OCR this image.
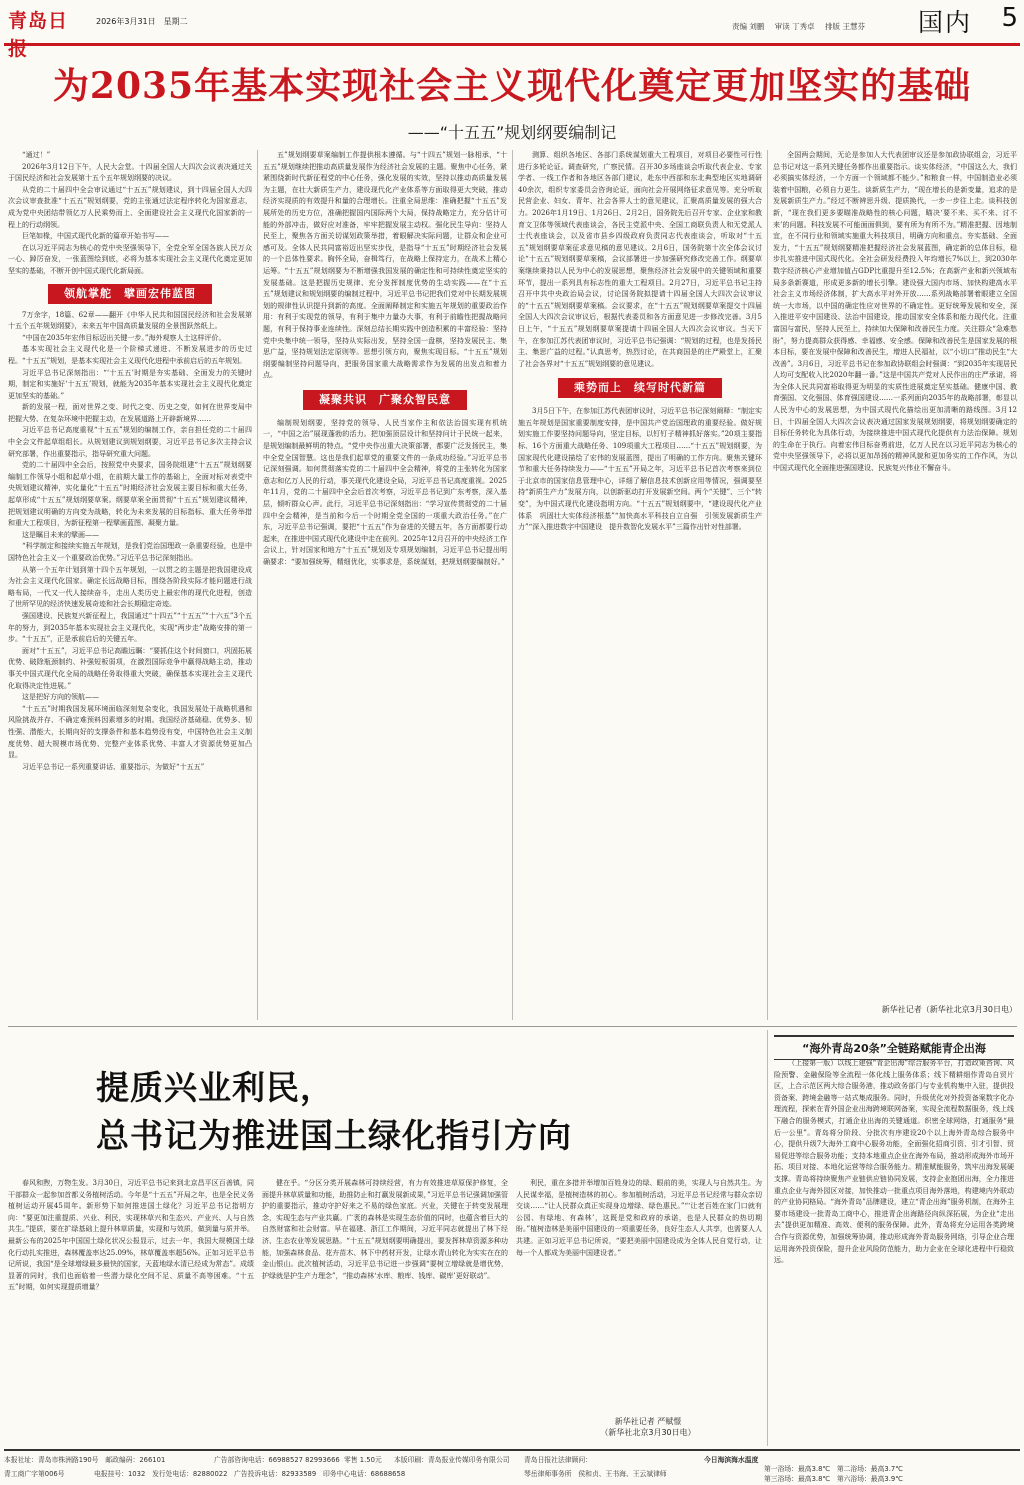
青岛日报
2026年3月31日　星期二
责编 刘鹏 审读 丁秀卓 排版 王慧芬	国内 5
为2035年基本实现社会主义现代化奠定更加坚实的基础
——“十五五”规划纲要编制记

“通过！”

2026年3月12日下午，人民大会堂。十四届全国人大四次会议表决通过关于国民经济和社会发展第十五个五年规划纲要的决议。

从党的二十届四中全会审议通过“十五五”规划建议，到十四届全国人大四次会议审查批准“十五五”规划纲要，党的主张通过法定程序转化为国家意志，成为党中央团结带领亿万人民乘势而上、全面建设社会主义现代化国家新的一程上的行动纲领。

巨笔如椽，中国式现代化新的篇章开始书写——

在以习近平同志为核心的党中央坚强领导下，全党全军全国各族人民万众一心、踔厉奋发，一张蓝图绘到底，必将为基本实现社会主义现代化奠定更加坚实的基础，不断开创中国式现代化新局面。

领航掌舵　擘画宏伟蓝图

7万余字，18篇、62章——翻开《中华人民共和国国民经济和社会发展第十五个五年规划纲要》，未来五年中国高质量发展的全景图跃然纸上。

“中国在2035年宏伟目标迈出关键一步。”海外观察人士这样评价。

基本实现社会主义现代化是一个阶梯式递进、不断发展进步的历史过程。“十五五”规划，是基本实现社会主义现代化进程中承前启后的五年规划。

习近平总书记深刻指出：“‘十五五’时期是夯实基础、全面发力的关键时期，制定和实施好‘十五五’规划，就能为2035年基本实现社会主义现代化奠定更加坚实的基础。”

新的发展一程，面对世界之变、时代之变、历史之变，如何在世界变局中把握大势、在复杂环境中把握主动，在发展道路上开辟新境界……

习近平总书记高度重视“十五五”规划的编制工作，亲自担任党的二十届四中全会文件起草组组长。从规划建议到规划纲要，习近平总书记多次主持会议研究部署，作出重要指示，指导研究重大问题。

党的二十届四中全会后，按照党中央要求，国务院组建“十五五”规划纲要编制工作领导小组和起草小组，在前期大量工作的基础上，全面对标对表党中央规划建议精神，实化量化“十五五”时期经济社会发展主要目标和重大任务，起草形成“十五五”规划纲要草案。纲要草案全面贯彻“十五五”规划建议精神，把规划建议明确的方向变为战略，转化为未来发展的目标指标、重大任务举措和重大工程项目，为新征程第一程擘画蓝图、凝聚力量。

这是瞩目未来的擘画——

“科学制定和接续实施五年规划，是我们党治国理政一条重要经验，也是中国特色社会主义一个重要政治优势。”习近平总书记深刻指出。

从第一个五年计划到第十四个五年规划，一以贯之的主题是把我国建设成为社会主义现代化国家。确定长远战略目标，围绕各阶段实际才能问题进行战略布局，一代又一代人接续奋斗，走出人类历史上最宏伟的现代化进程，创造了世所罕见的经济快速发展奇迹和社会长期稳定奇迹。

强国建设、民族复兴新征程上，我国通过“十四五”“十五五”“十六五”3个五年的努力，到2035年基本实现社会主义现代化，实现“两步走”战略安排的第一步。“十五五”，正是承前启后的关键五年。

面对“十五五”，习近平总书记高瞻远瞩：“要抓住这个时间窗口，巩固拓展优势、破除瓶颈制约、补强短板弱项，在激烈国际竞争中赢得战略主动，推动事关中国式现代化全局的战略任务取得重大突破，确保基本实现社会主义现代化取得决定性进展。”

这是把好方向的领航——

“十五五”时期我国发展环境面临深刻复杂变化，我国发展处于战略机遇和风险挑战并存、不确定难预料因素增多的时期。我国经济基础稳、优势多、韧性强、潜能大，长期向好的支撑条件和基本趋势没有变，中国特色社会主义制度优势、超大规模市场优势、完整产业体系优势、丰富人才资源优势更加凸显。

习近平总书记一系列重要讲话、重要指示，为做好“十五五”

五”规划纲要草案编制工作提供根本遵循。与“十四五”规划一脉相承，“十五五”规划继续把推动高质量发展作为经济社会发展的主题。聚焦中心任务，紧紧围绕新时代新征程党的中心任务，强化发展的实效，坚持以推动高质量发展为主题，在壮大新质生产力，建设现代化产业体系等方面取得更大突破，推动经济实现质的有效提升和量的合理增长。注重全局思维：准确把握“十五五”发展所处的历史方位，准确把握国内国际两个大局，保持战略定力，充分估计可能的外部冲击，做好应对准备，牢牢把握发展主动权。强化民生导向：坚持人民至上，聚焦各方面关切谋划政策举措，着眼解决实际问题，让群众和企业可感可及。全体人民共同富裕迈出坚实步伐，是指导“十五五”时期经济社会发展的一个总体性要求。胸怀全局，奋楫笃行，在战略上保持定力，在战术上精心运筹。“十五五”规划纲要为不断增强我国发展的确定性和可持续性奠定坚实的发展基础。这是把握历史规律、充分发挥制度优势的生动实践——在“十五五”规划建议和规划纲要的编制过程中，习近平总书记把我们党对中长期发展规划的规律性认识提升到新的高度。全面阐释制定和实施五年规划的重要政治作用：有利于实现党的领导，有利于集中力量办大事，有利于前瞻性把握战略问题，有利于保持事业连续性。深刻总结长期实践中创造积累的丰富经验：坚持党中央集中统一领导，坚持从实际出发，坚持全国一盘棋，坚持发展民主、集思广益，坚持规划法定原则等。思想引领方向，聚焦实现目标。“十五五”规划纲要编制坚持问题导向，把服务国家重大战略需求作为发展的出发点和着力点。

凝聚共识　广聚众智民意

编制规划纲要，坚持党的领导、人民当家作主和依法治国实现有机统一，“中国之治”展现蓬勃的活力。把加强顶层设计和坚持问计于民统一起来，是规划编制最鲜明的特点。“党中央作出重大决策部署，都要广泛发扬民主，集中全党全国智慧。这也是我们起草党的重要文件的一条成功经验。”习近平总书记深刻强调。如何贯彻落实党的二十届四中全会精神，将党的主张转化为国家意志和亿万人民的行动，事关现代化建设全局，习近平总书记高度重视。2025年11月，党的二十届四中全会后首次考察，习近平总书记到广东考察，深入基层，倾听群众心声。此行，习近平总书记深刻指出：“学习宣传贯彻党的二十届四中全会精神，是当前和今后一个时期全党全国的一项重大政治任务。”在广东，习近平总书记强调，要把“十五五”作为奋进的关键五年，各方面都要行动起来，在推进中国式现代化建设中走在前列。2025年12月召开的中央经济工作会议上，针对国家和地方“十五五”规划及专项规划编制，习近平总书记提出明确要求：“要加强统筹，精细优化，实事求是，系统谋划，把规划纲要编制好。”

测算、组织各地区、各部门系统谋划重大工程项目，对项目必要性可行性进行多轮论证。调查研究，广察民情。召开30多场座谈会听取代表企业、专家学者、一线工作者和各地区各部门建议，赴东中西部和东北典型地区实地调研40余次，组织专家委员会咨询论证，面向社会开展网络征求意见等。充分听取民营企业、妇女、青年、社会各界人士的意见建议，汇聚高质量发展的强大合力。2026年1月19日、1月26日、2月2日，国务院先后召开专家、企业家和教育文卫体等领域代表座谈会，各民主党派中央、全国工商联负责人和无党派人士代表座谈会，以及省市县乡四级政府负责同志代表座谈会，听取对“十五五”规划纲要草案征求意见稿的意见建议。2月6日，国务院第十次全体会议讨论“十五五”规划纲要草案稿，会议部署进一步加强研究修改完善工作。纲要草案继续秉持以人民为中心的发展思想，聚焦经济社会发展中的关键领域和重要环节，提出一系列具有标志性的重大工程项目。2月27日，习近平总书记主持召开中共中央政治局会议，讨论国务院拟提请十四届全国人大四次会议审议的“十五五”规划纲要草案稿。会议要求，在“十五五”规划纲要草案提交十四届全国人大四次会议审议后，根据代表委员和各方面意见进一步修改完善。3月5日上午，“十五五”规划纲要草案提请十四届全国人大四次会议审议。当天下午，在参加江苏代表团审议时，习近平总书记强调：“规划的过程，也是发扬民主、集思广益的过程。”认真思考，热烈讨论，在共商国是的庄严殿堂上，汇聚了社会各界对“十五五”规划纲要的意见建议。

乘势而上　续写时代新篇

3月5日下午，在参加江苏代表团审议时，习近平总书记深刻阐释：“制定实施五年规划是国家重要制度安排，是中国共产党治国理政的重要经验。做好规划实施工作要坚持问题导向，坚定目标，以钉钉子精神抓好落实。”20项主要指标、16个方面重大战略任务、109项重大工程项目……“十五五”规划纲要，为国家现代化建设描绘了宏伟的发展蓝图，提出了明确的工作方向。聚焦关键环节和重大任务持续发力——“十五五”开局之年，习近平总书记首次考察来到位于北京市的国家信息管理中心，详细了解信息技术创新应用等情况，强调要坚持“新质生产力”发展方向，以创新驱动打开发展新空间。两个“关键”、三个“转变”，为中国式现代化建设指明方向。“十五五”规划纲要中，“建设现代化产业体系　巩固壮大实体经济根基”“加快高水平科技自立自强　引领发展新质生产力”“深入推进数字中国建设　提升数智化发展水平”三篇作出针对性部署。

全国两会期间，无论是参加人大代表团审议还是参加政协联组会，习近平总书记对这一系列关键任务都作出重要指示。谈实体经济，“中国这么大，我们必须搞实体经济，一个方面一个领域都不能少。”和粮食一样，中国制造业必须装着中国粮，必须自力更生。谈新质生产力，“现在增长的是新变量，追求的是发展新质生产力。”经过不断辨思升级、提质换代，一步一步往上走。谈科技创新，“现在我们更多要瞄准战略性的核心问题，瞄决‘要不来、买不来、讨不来’的问题。科技发展不可能面面俱到，要有所为有所不为。”精准把握、因地制宜，在不同行业和领域实施重大科技项目，明确方向和重点。夯实基础、全面发力，“十五五”规划纲要精准把握经济社会发展蓝图，确定新的总体目标，稳步扎实推进中国式现代化。全社会研发经费投入年均增长7%以上，到2030年数字经济核心产业增加值占GDP比重提升至12.5%；在高新产业和新兴领域布局多条新赛道，形成更多新的增长引擎。建设强大国内市场、加快构建高水平社会主义市场经济体制，扩大高水平对外开放……系列战略部署着眼建立全国统一大市场，以中国的确定性应对世界的不确定性。更好统筹发展和安全，深入推进平安中国建设、法治中国建设，推动国家安全体系和能力现代化。注重富国与富民，坚持人民至上，持续加大保障和改善民生力度。关注群众“急难愁盼”，努力提高群众获得感、幸福感、安全感。保障和改善民生是国家发展的根本目标，要在发展中保障和改善民生，增进人民福祉，以“小切口”推动民生“大改善”。3月6日，习近平总书记在参加政协联组会时强调：“到2035年实现居民人均可支配收入比2020年翻一番。”这是中国共产党对人民作出的庄严承诺，将为全体人民共同富裕取得更为明显的实质性进展奠定坚实基础。健康中国、教育强国、文化强国、体育强国建设……一系列面向2035年的战略部署，彰显以人民为中心的发展思想，为中国式现代化描绘出更加清晰的路线图。3月12日，十四届全国人大四次会议表决通过国家发展规划纲要，将规划纲要确定的目标任务转化为具体行动，为接续推进中国式现代化提供有力法治保障。规划的生命在于执行。向着宏伟目标奋勇前进，亿万人民在以习近平同志为核心的党中央坚强领导下，必将以更加昂扬的精神风貌和更加务实的工作作风，为以中国式现代化全面推进强国建设、民族复兴伟业不懈奋斗。

新华社记者（新华社北京3月30日电）
提质兴业利民，
总书记为推进国土绿化指引方向

春风和煦，万物生发。3月30日，习近平总书记来到北京昌平区百善镇，同干部群众一起参加首都义务植树活动。今年是“十五五”开局之年，也是全民义务植树运动开展45周年。新形势下如何推进国土绿化？习近平总书记指明方向：“要更加注重提质、兴业、利民，实现林草兴和生态兴、产业兴、人与自然共生。”提质，要在扩绿基础上提升林草质量，实现和与效质，做到量与质并举。最新公布的2025年中国国土绿化状况公报显示，过去一年，我国大规模国土绿化行动扎实推进，森林覆盖率达25.09%，林草覆盖率超56%。正如习近平总书记所说，我国“是全球增绿最多最快的国家，天蓝地绿水清已经成为常态”。成绩显著的同时，我们也面临着一些潜力绿化空间不足、质量不高等困难。“十五五”时期，如何实现提质增量？

健在乎。“分区分类开展森林可持续经营，有力有效推进草原保护修复，全面提升林草质量和功能，助推防止和打赢发展新成果，”习近平总书记强调加强管护的重要指示，推动守护好来之不易的绿色家底。兴业，关键在于转变发展理念，实现生态与产业共赢。广袤的森林是实现生态价值的同时，也蕴含着巨大的自然财富和社会财富。早在福建、浙江工作期间，习近平同志就提出了林下经济、生态农业等发展思路。“十五五”规划纲要明确提出，要发挥林草资源多种功能，加强森林食品、花卉苗木、林下中药材开发，让绿水青山转化为实实在在的金山银山。此次植树活动，习近平总书记进一步强调“要树立增绿就是增优势，护绿就是护生产力理念”，“推动森林‘水库、粮库、钱库、碳库’更好联动”。

利民，重在多措并举增加百姓身边的绿、眼前的美，实现人与自然共生。为人民谋幸福，是植树造林的初心。参加植树活动，习近平总书记经常与群众亲切交谈……“让人民群众真正实现身边增绿、绿色惠民。”“‘让老百姓在家门口就有公园、有绿地、有森林’，这既是党和政府的承诺，也是人民群众的热切期盼。”植树造林是美丽中国建设的一项重要任务，良好生态人人共享，也需要人人共建。正如习近平总书记所说，“要把美丽中国建设成为全体人民自觉行动，让每一个人都成为美丽中国建设者。”

新华社记者 严赋憬
（新华社北京3月30日电）
“海外青岛20条”全链路赋能青企出海

（上接第一版）以线上建强“青企出海”综合服务平台，打造政策咨询、风险预警、金融保险等全流程一体化线上服务体系；线下精耕细作青岛自贸片区，上合示范区两大综合服务港，推动政务部门与专业机构集中入驻，提供投资备案、跨境金融等一站式集成服务。同时，升级优化对外投资备案数字化办理流程，探索在青外国企业出海跨境联网备案，实现全流程数据服务，线上线下融合的服务模式，打通企业出海的关键通道。织密全球网络，打通服务“最后一公里”。青岛将分阶段、分批次有序建设20个以上海外青岛综合服务中心，提供升级7大海外工商中心服务功能，全面强化招商引资、引才引智、贸易促进等综合服务功能；支持本地重点企业在海外布局，推动形成海外市场开拓、项目对接、本地化运营等综合服务能力。精准赋能服务，筑牢出海发展硬支撑。青岛将持续聚焦产业链供应链协同发展，支持企业抱团出海，全力推进重点企业与海外园区对接，加快推动一批重点项目海外落地，构建境内外联动的产业协同格局。“海外青岛”品牌建设，建立“青企出海”服务机制，在海外主要市场建设一批青岛工商中心，推进青企出海路径向纵深拓展，为企业“走出去”提供更加精准、高效、便利的服务保障。此外，青岛将充分运用各类跨境合作与资源优势，加强统筹协调，推动形成海外青岛服务网络，引导企业合理运用海外投资保险，提升企业风险防范能力，助力企业在全球化进程中行稳致远。

本报社址：青岛市株洲路190号　邮政编码：266101	广告部咨询电话：66988527 82993666 零售 1.50元 本版印刷：青岛报业传媒印务有限公司
青工商广字第006号	电报挂号：1032　发行处电话：82880022 广告投诉电话：82933589　印务中心电话：68688658
青岛日报社法律顾问：
琴岳律师事务所　侯和贞、王书海、王云斌律师
今日海滨海水温度
第一浴场：最高3.8℃　第二浴场：最高3.7℃
第三浴场：最高3.8℃　第六浴场：最高3.9℃
